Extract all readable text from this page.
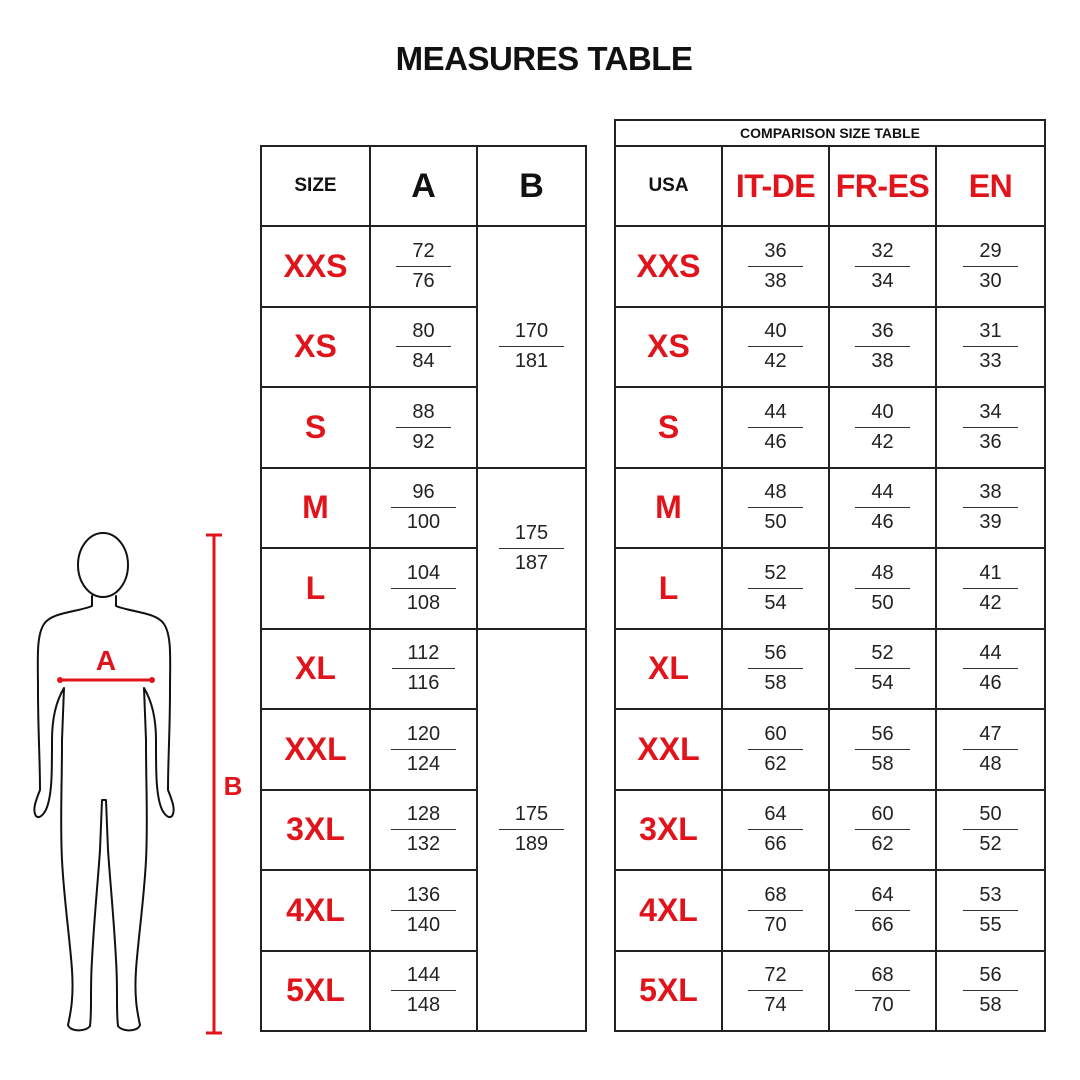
MEASURES TABLE
A
B
SIZE	A	B
XXS	$\frac{72}{76}$	$\frac{170}{181}$

XS	$\frac{80}{84}$

S	$\frac{88}{92}$

M	$\frac{96}{100}$	$\frac{175}{187}$

L	$\frac{104}{108}$

XL	$\frac{112}{116}$	$\frac{175}{189}$

XXL	$\frac{120}{124}$

3XL	$\frac{128}{132}$

4XL	$\frac{136}{140}$

5XL	$\frac{144}{148}$
COMPARISON SIZE TABLE			
USA	IT-DE	FR-ES	EN
XXS	$\frac{36}{38}$	$\frac{32}{34}$	$\frac{29}{30}$

XS	$\frac{40}{42}$	$\frac{36}{38}$	$\frac{31}{33}$

S	$\frac{44}{46}$	$\frac{40}{42}$	$\frac{34}{36}$

M	$\frac{48}{50}$	$\frac{44}{46}$	$\frac{38}{39}$

L	$\frac{52}{54}$	$\frac{48}{50}$	$\frac{41}{42}$

XL	$\frac{56}{58}$	$\frac{52}{54}$	$\frac{44}{46}$

XXL	$\frac{60}{62}$	$\frac{56}{58}$	$\frac{47}{48}$

3XL	$\frac{64}{66}$	$\frac{60}{62}$	$\frac{50}{52}$

4XL	$\frac{68}{70}$	$\frac{64}{66}$	$\frac{53}{55}$

5XL	$\frac{72}{74}$	$\frac{68}{70}$	$\frac{56}{58}$
